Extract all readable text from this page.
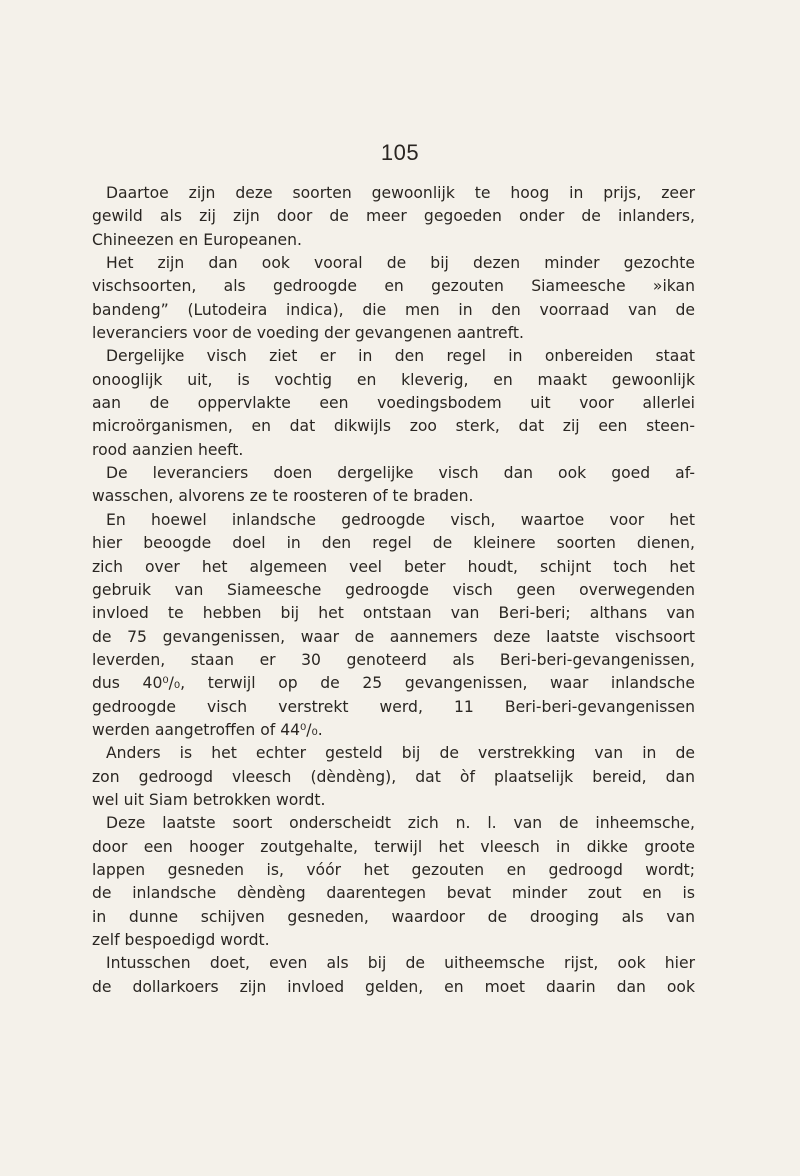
105
Daartoe zijn deze soorten gewoonlijk te hoog in prijs, zeer
gewild als zij zijn door de meer gegoeden onder de inlanders,
Chineezen en Europeanen.
Het zijn dan ook vooral de bij dezen minder gezochte
vischsoorten, als gedroogde en gezouten Siameesche »ikan
bandeng” (Lutodeira indica), die men in den voorraad van de
leveranciers voor de voeding der gevangenen aantreft.
Dergelijke visch ziet er in den regel in onbereiden staat
onooglijk uit, is vochtig en kleverig, en maakt gewoonlijk
aan de oppervlakte een voedingsbodem uit voor allerlei
microörganismen, en dat dikwijls zoo sterk, dat zij een steen-
rood aanzien heeft.
De leveranciers doen dergelijke visch dan ook goed af-
wasschen, alvorens ze te roosteren of te braden.
En hoewel inlandsche gedroogde visch, waartoe voor het
hier beoogde doel in den regel de kleinere soorten dienen,
zich over het algemeen veel beter houdt, schijnt toch het
gebruik van Siameesche gedroogde visch geen overwegenden
invloed te hebben bij het ontstaan van Beri-beri; althans van
de 75 gevangenissen, waar de aannemers deze laatste vischsoort
leverden, staan er 30 genoteerd als Beri-beri-gevangenissen,
dus 40⁰/₀, terwijl op de 25 gevangenissen, waar inlandsche
gedroogde visch verstrekt werd, 11 Beri-beri-gevangenissen
werden aangetroffen of 44⁰/₀.
Anders is het echter gesteld bij de verstrekking van in de
zon gedroogd vleesch (dèndèng), dat òf plaatselijk bereid, dan
wel uit Siam betrokken wordt.
Deze laatste soort onderscheidt zich n. l. van de inheemsche,
door een hooger zoutgehalte, terwijl het vleesch in dikke groote
lappen gesneden is, vóór het gezouten en gedroogd wordt;
de inlandsche dèndèng daarentegen bevat minder zout en is
in dunne schijven gesneden, waardoor de drooging als van
zelf bespoedigd wordt.
Intusschen doet, even als bij de uitheemsche rijst, ook hier
de dollarkoers zijn invloed gelden, en moet daarin dan ook
